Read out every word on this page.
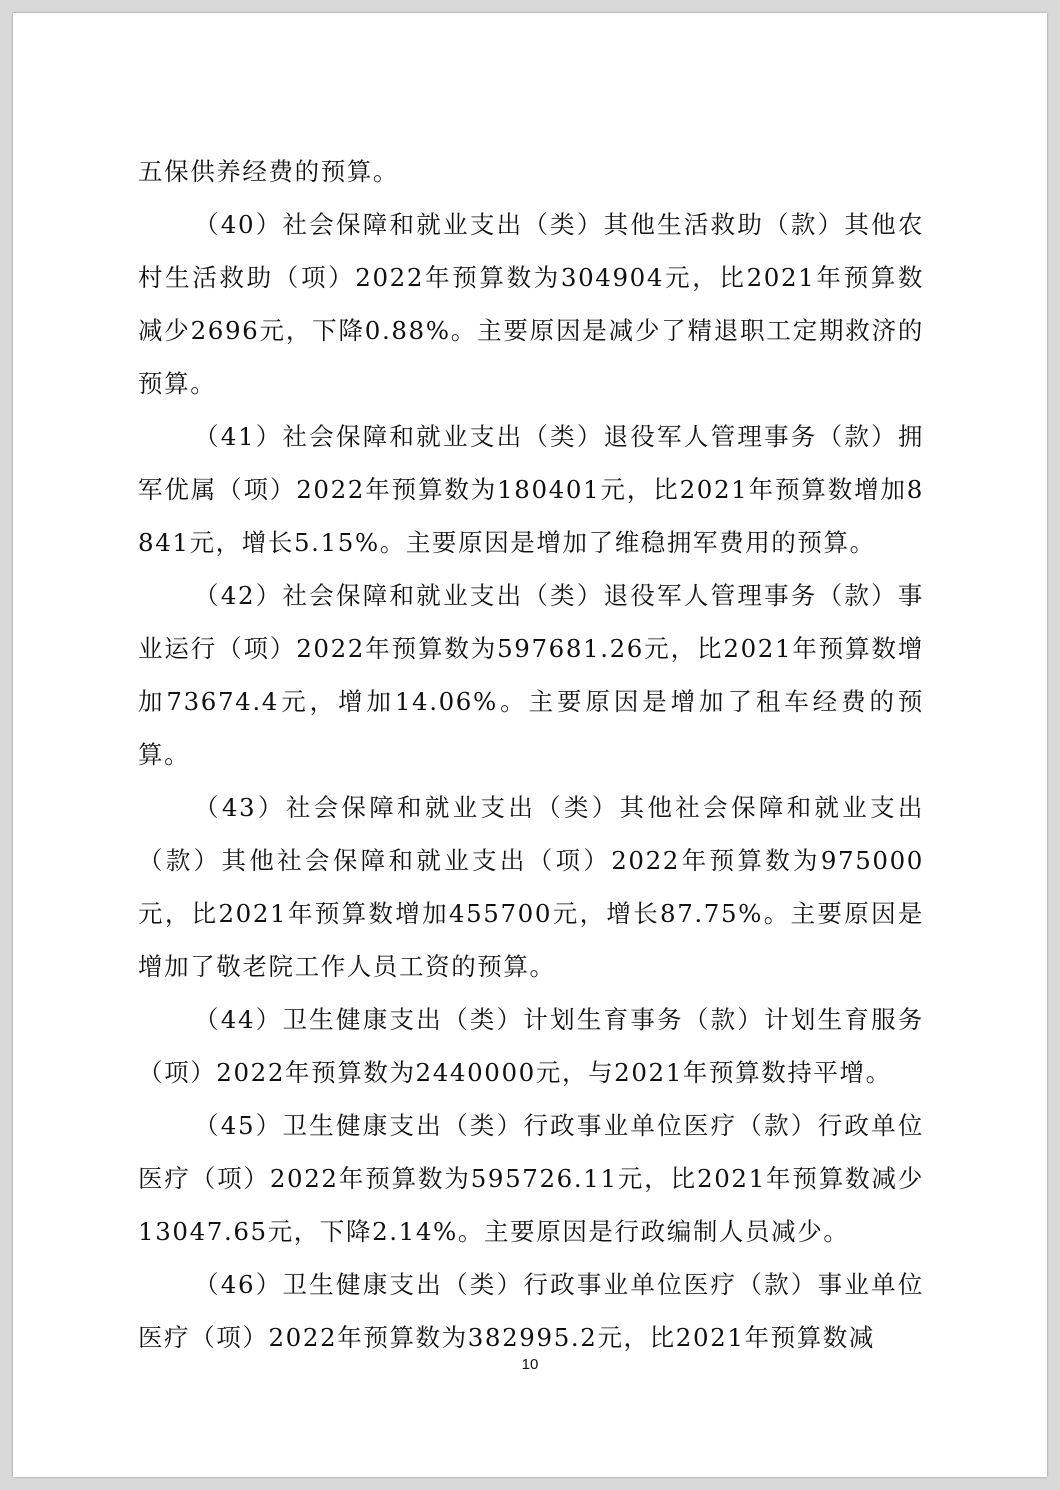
五保供养经费的预算。

（40）社会保障和就业支出（类）其他生活救助（款）其他农村生活救助（项）2022年预算数为304904元，比2021年预算数减少2696元，下降0.88%。主要原因是减少了精退职工定期救济的预算。

（41）社会保障和就业支出（类）退役军人管理事务（款）拥军优属（项）2022年预算数为180401元，比2021年预算数增加8841元，增长5.15%。主要原因是增加了维稳拥军费用的预算。

（42）社会保障和就业支出（类）退役军人管理事务（款）事业运行（项）2022年预算数为597681.26元，比2021年预算数增加73674.4元，增加14.06%。主要原因是增加了租车经费的预算。

（43）社会保障和就业支出（类）其他社会保障和就业支出（款）其他社会保障和就业支出（项）2022年预算数为975000元，比2021年预算数增加455700元，增长87.75%。主要原因是增加了敬老院工作人员工资的预算。

（44）卫生健康支出（类）计划生育事务（款）计划生育服务（项）2022年预算数为2440000元，与2021年预算数持平增。

（45）卫生健康支出（类）行政事业单位医疗（款）行政单位医疗（项）2022年预算数为595726.11元，比2021年预算数减少13047.65元，下降2.14%。主要原因是行政编制人员减少。

（46）卫生健康支出（类）行政事业单位医疗（款）事业单位医疗（项）2022年预算数为382995.2元，比2021年预算数减

10
